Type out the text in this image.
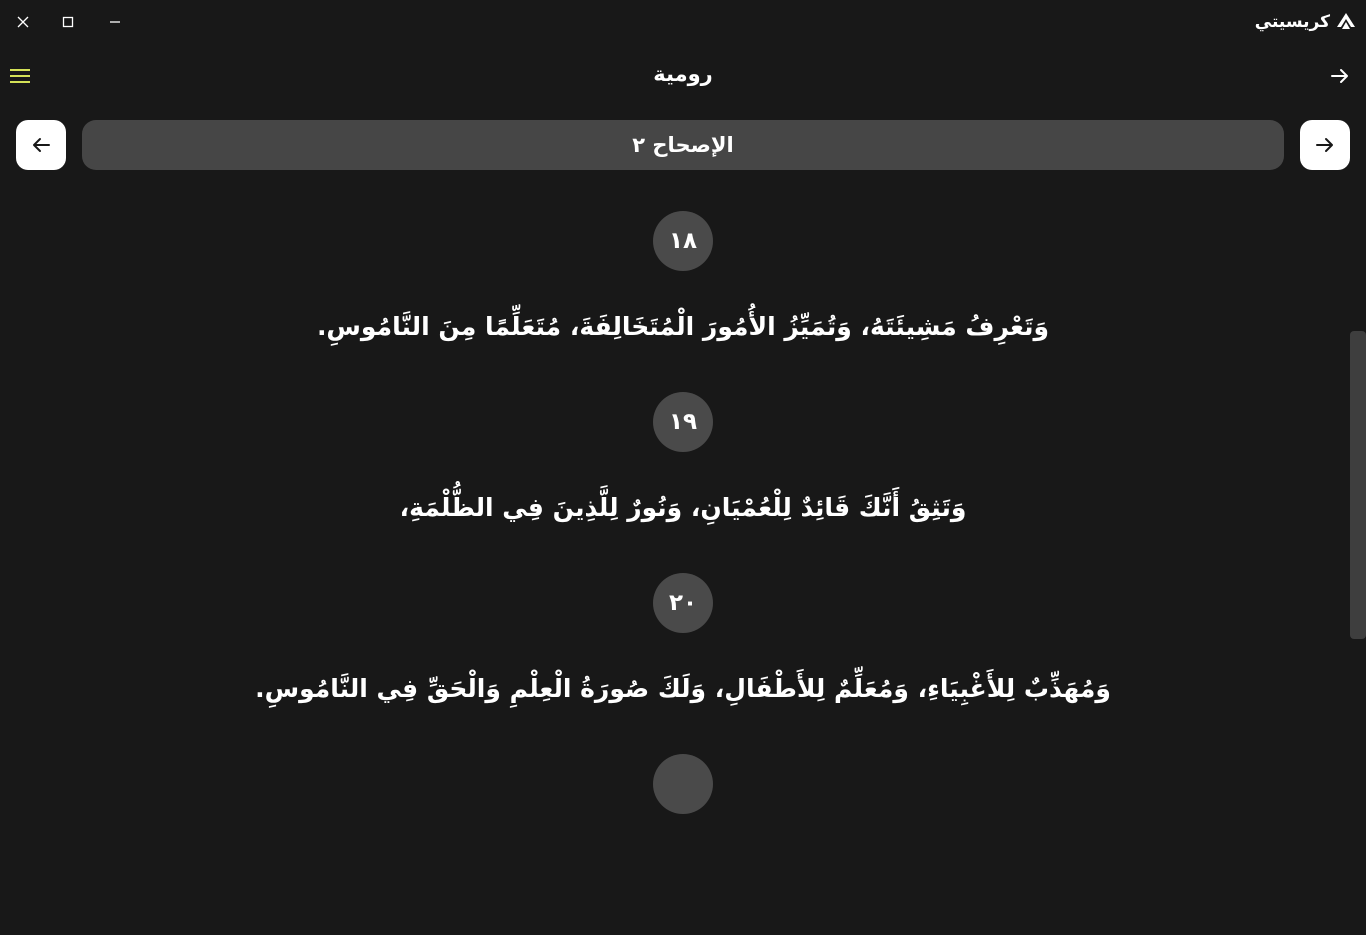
كريسيتي
رومية
الإصحاح ٢
١٨
وَتَعْرِفُ مَشِيئَتَهُ، وَتُمَيِّزُ الأُمُورَ الْمُتَخَالِفَةَ، مُتَعَلِّمًا مِنَ النَّامُوسِ.
١٩
وَتَثِقُ أَنَّكَ قَائِدٌ لِلْعُمْيَانِ، وَنُورٌ لِلَّذِينَ فِي الظُّلْمَةِ،
٢٠
وَمُهَذِّبٌ لِلأَغْبِيَاءِ، وَمُعَلِّمٌ لِلأَطْفَالِ، وَلَكَ صُورَةُ الْعِلْمِ وَالْحَقِّ فِي النَّامُوسِ.
